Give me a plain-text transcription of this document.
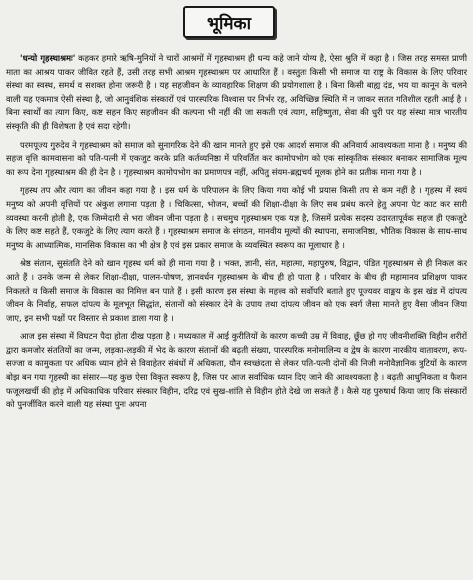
भूमिका

'धन्यो गृहस्थाश्रमः' कहकर हमारे ऋषि-मुनियों ने चारों आश्रमों में गृहस्थाश्रम ही धन्य कहे जाने योग्य है, ऐसा श्रुति में कहा है । जिस तरह समस्त प्राणी माता का आश्रय पाकर जीवित रहते हैं, उसी तरह सभी आश्रम गृहस्थाश्रम पर आधारित हैं । वस्तुतः किसी भी समाज या राष्ट्र के विकास के लिए परिवार संस्था का स्वस्थ, समर्थ व सशक्त होना जरूरी है । यह सहजीवन के व्यावहारिक शिक्षण की प्रयोगशाला है । बिना किसी बाह्य दंड, भय या कानून के चलने वाली यह एकमात्र ऐसी संस्था है, जो आनुवंशिक संस्कारों एवं पारस्परिक विश्वास पर निर्भर रह, अविच्छिन्न स्थिति में न जाकर सतत गतिशील रहती आई है । बिना स्वार्थों का त्याग किए, कष्ट सहन किए सहजीवन की कल्पना भी नहीं की जा सकती एवं त्याग, सहिष्णुता, सेवा की धुरी पर यह संस्था मात्र भारतीय संस्कृति की ही विशेषता है एवं सदा रहेगी।

परमपूज्य गुरुदेव ने गृहस्थाश्रम को समाज को सुनागरिक देने की खान मानते हुए इसे एक आदर्श समाज की अनिवार्य आवश्यकता माना है । मनुष्य की सहज वृत्ति कामवासना को पति-पत्नी में एकजुट करके प्रति कर्तव्यनिष्ठा में परिवर्तित कर कामोपभोग को एक सांस्कृतिक संस्कार बनाकर सामाजिक मूल्य का रूप देना गृहस्थाश्रम की ही देन है । गृहस्थाश्रम कामोपभोग का प्रमाणपत्र नहीं, अपितु संयम-ब्रह्मचर्य मूलक होने का प्रतीक माना गया है ।

गृहस्थ तप और त्याग का जीवन कहा गया है । इस धर्म के परिपालन के लिए किया गया कोई भी प्रयास किसी तप से कम नहीं है । गृहस्थ में स्वयं मनुष्य को अपनी वृत्तियों पर अंकुश लगाना पड़ता है । चिकित्सा, भोजन, बच्चों की शिक्षा-दीक्षा के लिए सब प्रबंध करने हेतु अपना पेट काट कर सारी व्यवस्था करनी होती है, एक जिम्मेदारी से भरा जीवन जीना पड़ता है । सचमुच गृहस्थाश्रम एक यज्ञ है, जिसमें प्रत्येक सदस्य उदारतापूर्वक सहज ही एकजुटे के लिए कष्ट सहते हैं, एकजुटे के लिए त्याग करते हैं । गृहस्थाश्रम समाज के संगठन, मानवीय मूल्यों की स्थापना, समाजनिष्ठा, भौतिक विकास के साथ-साथ मनुष्य के आध्यात्मिक, मानसिक विकास का भी क्षेत्र है एवं इस प्रकार समाज के व्यवस्थित स्वरूप का मूलाधार है ।

श्रेष्ठ संतान, सुसंतति देने को खान गृहस्थ धर्म को ही माना गया है । भक्त, ज्ञानी, संत, महात्मा, महापुरुष, विद्वान, पंडित गृहस्थाश्रम से ही निकल कर आते हैं । उनके जन्म से लेकर शिक्षा-दीक्षा, पालन-पोषण, ज्ञानवर्धन गृहस्थाश्रम के बीच ही हो पाता है । परिवार के बीच ही महामानव प्रशिक्षण पाकर निकलते व किसी समाज के विकास का निमित्त बन पाते हैं । इसी कारण इस संस्था के महत्त्व को सर्वोपरि बताते हुए पूज्यवर वाङ्मय के इस खंड में दांपत्य जीवन के निर्वाह, सफल दांपत्य के मूलभूत सिद्धांत, संतानों को संस्कार देने के उपाय तथा दांपत्य जीवन को एक स्वर्ग जैसा मानते हुए वैसा जीवन जिया जाए, इन सभी पक्षों पर विस्तार से प्रकाश डाला गया है ।

आज इस संस्था में विघटन पैदा होता दीख पड़ता है । मध्यकाल में आई कुरीतियों के कारण कच्ची उम्र में विवाह, छूँछ हो गए जीवनीशक्ति विहीन शरीरों द्वारा कमजोर संततियों का जन्म, लड़का-लड़की में भेद के कारण संतानों की बढ़ती संख्या, पारस्परिक मनोमालिन्य व द्वेष के कारण नारकीय वातावरण, रूप-सज्जा व कामुकता पर अधिक ध्यान होने से विवाहेतर संबंधों में अधिकता, यौन स्वच्छंदता से लेकर पति-पत्नी दोनों की निजी मनोवैज्ञानिक त्रुटियों के कारण बोझ बन गया गृहस्थी का संसार—यह कुछ ऐसा विकृत स्वरूप है, जिस पर आज सर्वाधिक ध्यान दिए जाने की आवश्यकता है । बढ़ती आधुनिकता व फैशन फजूलखर्ची की होड़ में अधिकाधिक परिवार संस्कार विहीन, दरिद्र एवं सुख-शांति से विहीन होते देखे जा सकते हैं । कैसे यह पुरुषार्थ किया जाए कि संस्कारों को पुनर्जीवित करने वाली यह संस्था पुनः अपना
